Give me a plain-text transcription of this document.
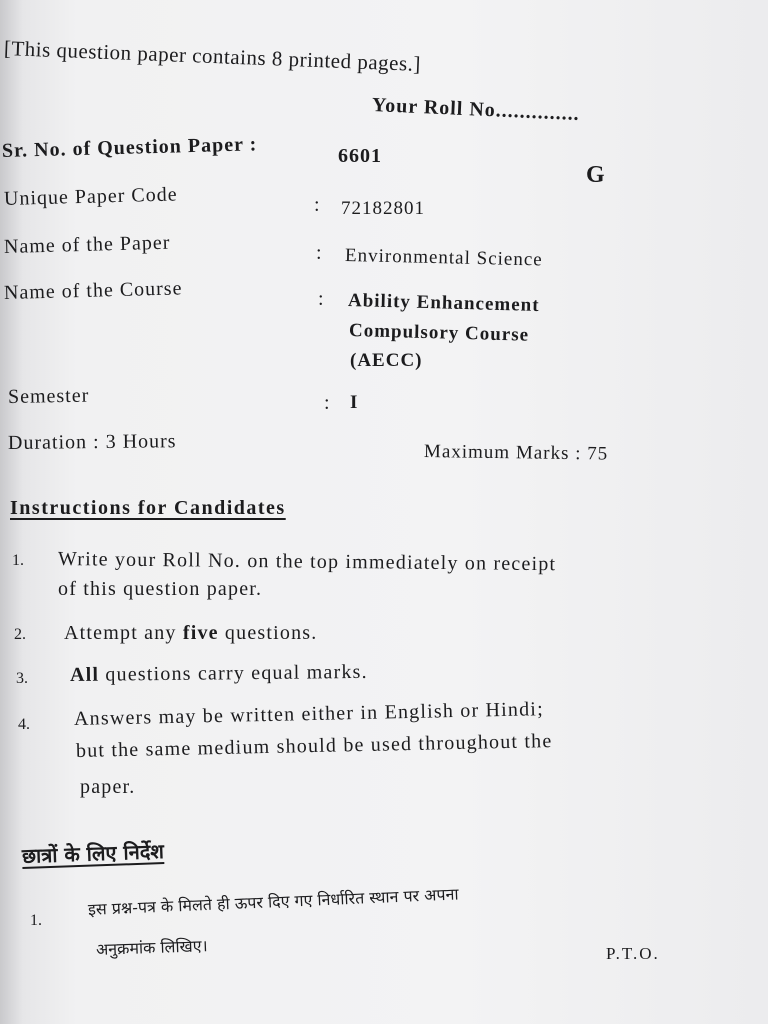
[This question paper contains 8 printed pages.]
Your Roll No..............
Sr. No. of Question Paper :	6601
G
Unique Paper Code	: 72182801
Name of the Paper	: Environmental Science
Name of the Course	: Ability Enhancement
Compulsory Course
(AECC)
Semester	: I
Duration : 3 Hours	Maximum Marks : 75
Instructions for Candidates
1. Write your Roll No. on the top immediately on receipt
of this question paper.
2. Attempt any five questions.
3. All questions carry equal marks.
4. Answers may be written either in English or Hindi;
but the same medium should be used throughout the
paper.
छात्रों के लिए निर्देश
1.
इस प्रश्न-पत्र के मिलते ही ऊपर दिए गए निर्धारित स्थान पर अपना
अनुक्रमांक लिखिए।	P.T.O.
